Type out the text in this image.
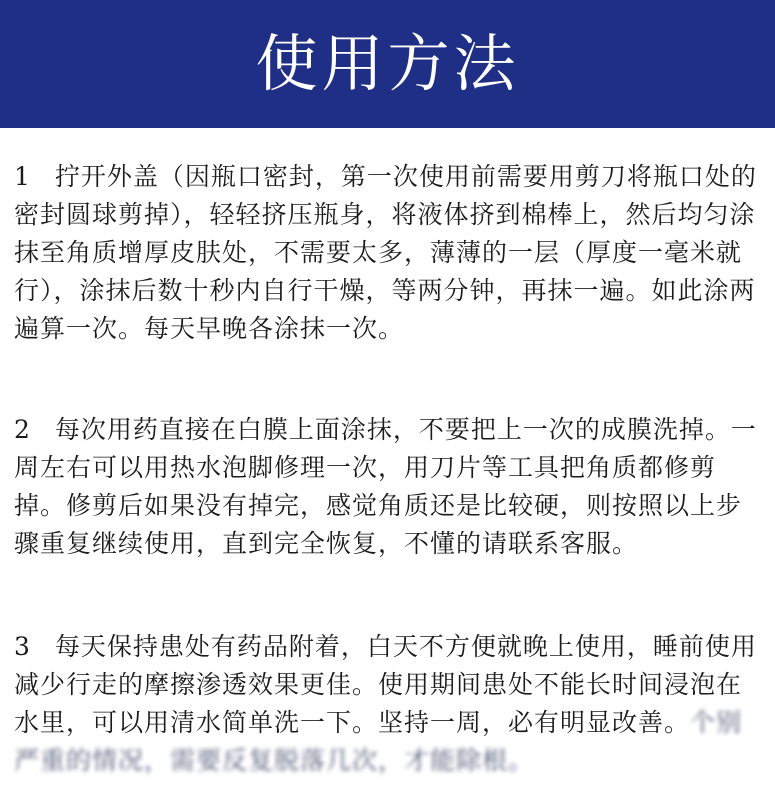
使用方法
1 拧开外盖（因瓶口密封，第一次使用前需要用剪刀将瓶口处的密封圆球剪掉），轻轻挤压瓶身，将液体挤到棉棒上，然后均匀涂抹至角质增厚皮肤处，不需要太多，薄薄的一层（厚度一毫米就行），涂抹后数十秒内自行干燥，等两分钟，再抹一遍。如此涂两遍算一次。每天早晚各涂抹一次。
2 每次用药直接在白膜上面涂抹，不要把上一次的成膜洗掉。一周左右可以用热水泡脚修理一次，用刀片等工具把角质都修剪掉。修剪后如果没有掉完，感觉角质还是比较硬，则按照以上步骤重复继续使用，直到完全恢复，不懂的请联系客服。
3 每天保持患处有药品附着，白天不方便就晚上使用，睡前使用减少行走的摩擦渗透效果更佳。使用期间患处不能长时间浸泡在水里，可以用清水简单洗一下。坚持一周，必有明显改善。个别严重的情况，需要反复脱落几次，才能除根。
